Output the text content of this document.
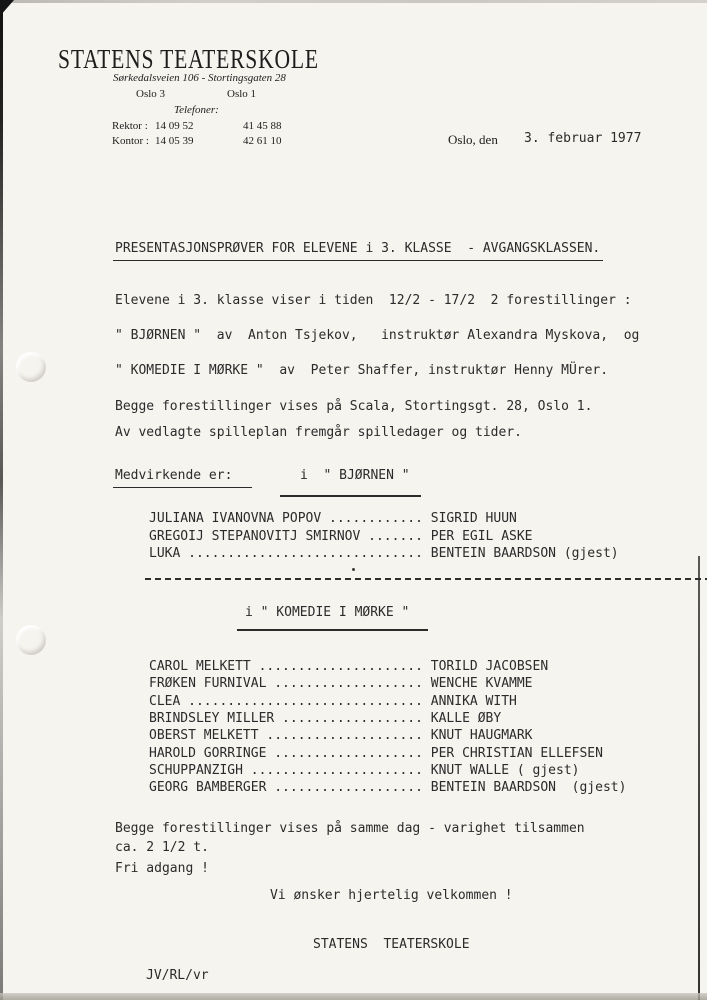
STATENS TEATERSKOLE
Sørkedalsveien 106 - Stortingsgaten 28
Oslo 3	Oslo 1
Telefoner:
Rektor : 14 09 52	41 45 88
Kontor : 14 05 39	42 61 10	Oslo, den 3. februar 1977
PRESENTASJONSPRØVER FOR ELEVENE i 3. KLASSE  - AVGANGSKLASSEN.
Elevene i 3. klasse viser i tiden  12/2 - 17/2  2 forestillinger :
" BJØRNEN "  av  Anton Tsjekov,   instruktør Alexandra Myskova,  og
" KOMEDIE I MØRKE "  av  Peter Shaffer, instruktør Henny MÜrer.
Begge forestillinger vises på Scala, Stortingsgt. 28, Oslo 1.
Av vedlagte spilleplan fremgår spilledager og tider.
Medvirkende er:	i  " BJØRNEN "
JULIANA IVANOVNA POPOV ............ SIGRID HUUN
GREGOIJ STEPANOVITJ SMIRNOV ....... PER EGIL ASKE
LUKA .............................. BENTEIN BAARDSON (gjest)
i " KOMEDIE I MØRKE "
CAROL MELKETT ..................... TORILD JACOBSEN
FRØKEN FURNIVAL ................... WENCHE KVAMME
CLEA .............................. ANNIKA WITH
BRINDSLEY MILLER .................. KALLE ØBY
OBERST MELKETT .................... KNUT HAUGMARK
HAROLD GORRINGE ................... PER CHRISTIAN ELLEFSEN
SCHUPPANZIGH ...................... KNUT WALLE ( gjest)
GEORG BAMBERGER ................... BENTEIN BAARDSON  (gjest)
Begge forestillinger vises på samme dag - varighet tilsammen
ca. 2 1/2 t.
Fri adgang !
Vi ønsker hjertelig velkommen !
STATENS  TEATERSKOLE
JV/RL/vr
